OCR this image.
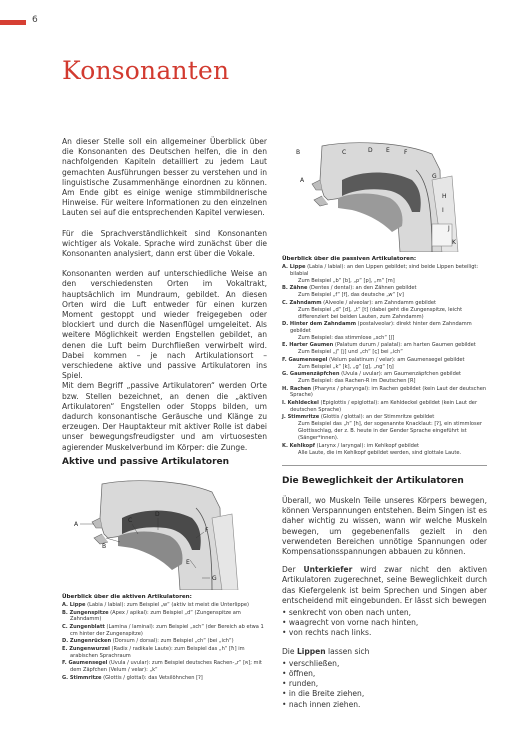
6
Konsonanten

An dieser Stelle soll ein allgemeiner Überblick über die Konsonanten des Deutschen helfen, die in den nachfolgenden Kapiteln detailliert zu jedem Laut gemachten Ausführungen besser zu verstehen und in linguistische Zusammenhänge einordnen zu können. Am Ende gibt es einige wenige stimmbildnerische Hinweise. Für weitere Informationen zu den einzelnen Lauten sei auf die entsprechenden Kapitel verwiesen.

Für die Sprachverständlichkeit sind Konsonanten wichtiger als Vokale. Sprache wird zunächst über die Konsonanten analysiert, dann erst über die Vokale.

Konsonanten werden auf unterschiedliche Weise an den verschiedensten Orten im Vokaltrakt, hauptsächlich im Mundraum, gebildet. An diesen Orten wird die Luft entweder für einen kurzen Moment gestoppt und wieder freigegeben oder blockiert und durch die Nasenflügel umgeleitet. Als weitere Möglichkeit werden Engstellen gebildet, an denen die Luft beim Durchfließen verwirbelt wird. Dabei kommen – je nach Artikulationsort – verschiedene aktive und passive Artikulatoren ins Spiel.

Mit dem Begriff „passive Artikulatoren“ werden Orte bzw. Stellen bezeichnet, an denen die „aktiven Artikulatoren“ Engstellen oder Stopps bilden, um dadurch konsonantische Geräusche und Klänge zu erzeugen. Der Hauptakteur mit aktiver Rolle ist dabei unser bewegungsfreudigster und am virtuosesten agierender Muskelverbund im Körper: die Zunge.

Aktive und passive Artikulatoren

A
B
C
D
E
F
G

Überblick über die aktiven Artikulatoren:

A. Lippe (Labia / labial): zum Beispiel „w“ (aktiv ist meist die Unterlippe)
B. Zungenspitze (Apex / apikal): zum Beispiel „d“ (Zungenspitze am Zahndamm)
C. Zungenblatt (Lamina / laminal): zum Beispiel „sch“ (der Bereich ab etwa 1 cm hinter der Zungenspitze)
D. Zungenrücken (Dorsum / dorsal): zum Beispiel „ch“ (bei „ich“)
E. Zungenwurzel (Radix / radikale Laute): zum Beispiel das „h“ [ħ] im arabischen Sprachraum
F. Gaumensegel (Uvula / uvular): zum Beispiel deutsches Rachen-„r“ [ʀ]; mit dem Zäpfchen (Velum / velar): „k“
G. Stimmritze (Glottis / glottal): das Vetsilöhnchen [ʔ]
B	C	D E F
A
G
H
I
J
K

Überblick über die passiven Artikulatoren:

A. Lippe (Labia / labial): an den Lippen gebildet; sind beide Lippen beteiligt: bilabial
Zum Beispiel „b“ [b], „p“ [p], „m“ [m]
B. Zähne (Dentes / dental): an den Zähnen gebildet
Zum Beispiel „f“ [f], das deutsche „w“ [v]
C. Zahndamm (Alveole / alveolar): am Zahndamm gebildet
Zum Beispiel „d“ [d], „t“ [t] (dabei geht die Zungenspitze, leicht differenziert bei beiden Lauten, zum Zahndamm)
D. Hinter dem Zahndamm (postalveolar): direkt hinter dem Zahndamm gebildet
Zum Beispiel: das stimmlose „sch“ [ʃ]
E. Harter Gaumen (Palatum durum / palatal): am harten Gaumen gebildet
Zum Beispiel „j“ [j] und „ch“ [ç] bei „ich“
F. Gaumensegel (Velum palatinum / velar): am Gaumensegel gebildet
Zum Beispiel „k“ [k], „g“ [g], „ng“ [ŋ]
G. Gaumenzäpfchen (Uvula / uvular): am Gaumenzäpfchen gebildet
Zum Beispiel: das Rachen-R im Deutschen [R]
H. Rachen (Pharynx / pharyngal): im Rachen gebildet (kein Laut der deutschen Sprache)
I. Kehldeckel (Epiglottis / epiglottal): am Kehldeckel gebildet (kein Laut der deutschen Sprache)
J. Stimmritze (Glottis / glottal): an der Stimmritze gebildet
Zum Beispiel das „h“ [h], der sogenannte Knacklaut: [ʔ], ein stimmloser Glottisschlag, der z. B. heute in der Gender Sprache eingeführt ist (Sänger*innen).
K. Kehlkopf (Larynx / laryngal): im Kehlkopf gebildet
Alle Laute, die im Kehlkopf gebildet werden, sind glottale Laute.

Die Beweglichkeit der Artikulatoren

Überall, wo Muskeln Teile unseres Körpers bewegen, können Verspannungen entstehen. Beim Singen ist es daher wichtig zu wissen, wann wir welche Muskeln bewegen, um gegebenenfalls gezielt in den verwendeten Bereichen unnötige Spannungen oder Kompensationsspannungen abbauen zu können.

Der Unterkiefer wird zwar nicht den aktiven Artikulatoren zugerechnet, seine Beweglichkeit durch das Kiefergelenk ist beim Sprechen und Singen aber entscheidend mit eingebunden. Er lässt sich bewegen

• senkrecht von oben nach unten,
• waagrecht von vorne nach hinten,
• von rechts nach links.

Die Lippen lassen sich

• verschließen,
• öffnen,
• runden,
• in die Breite ziehen,
• nach innen ziehen.
